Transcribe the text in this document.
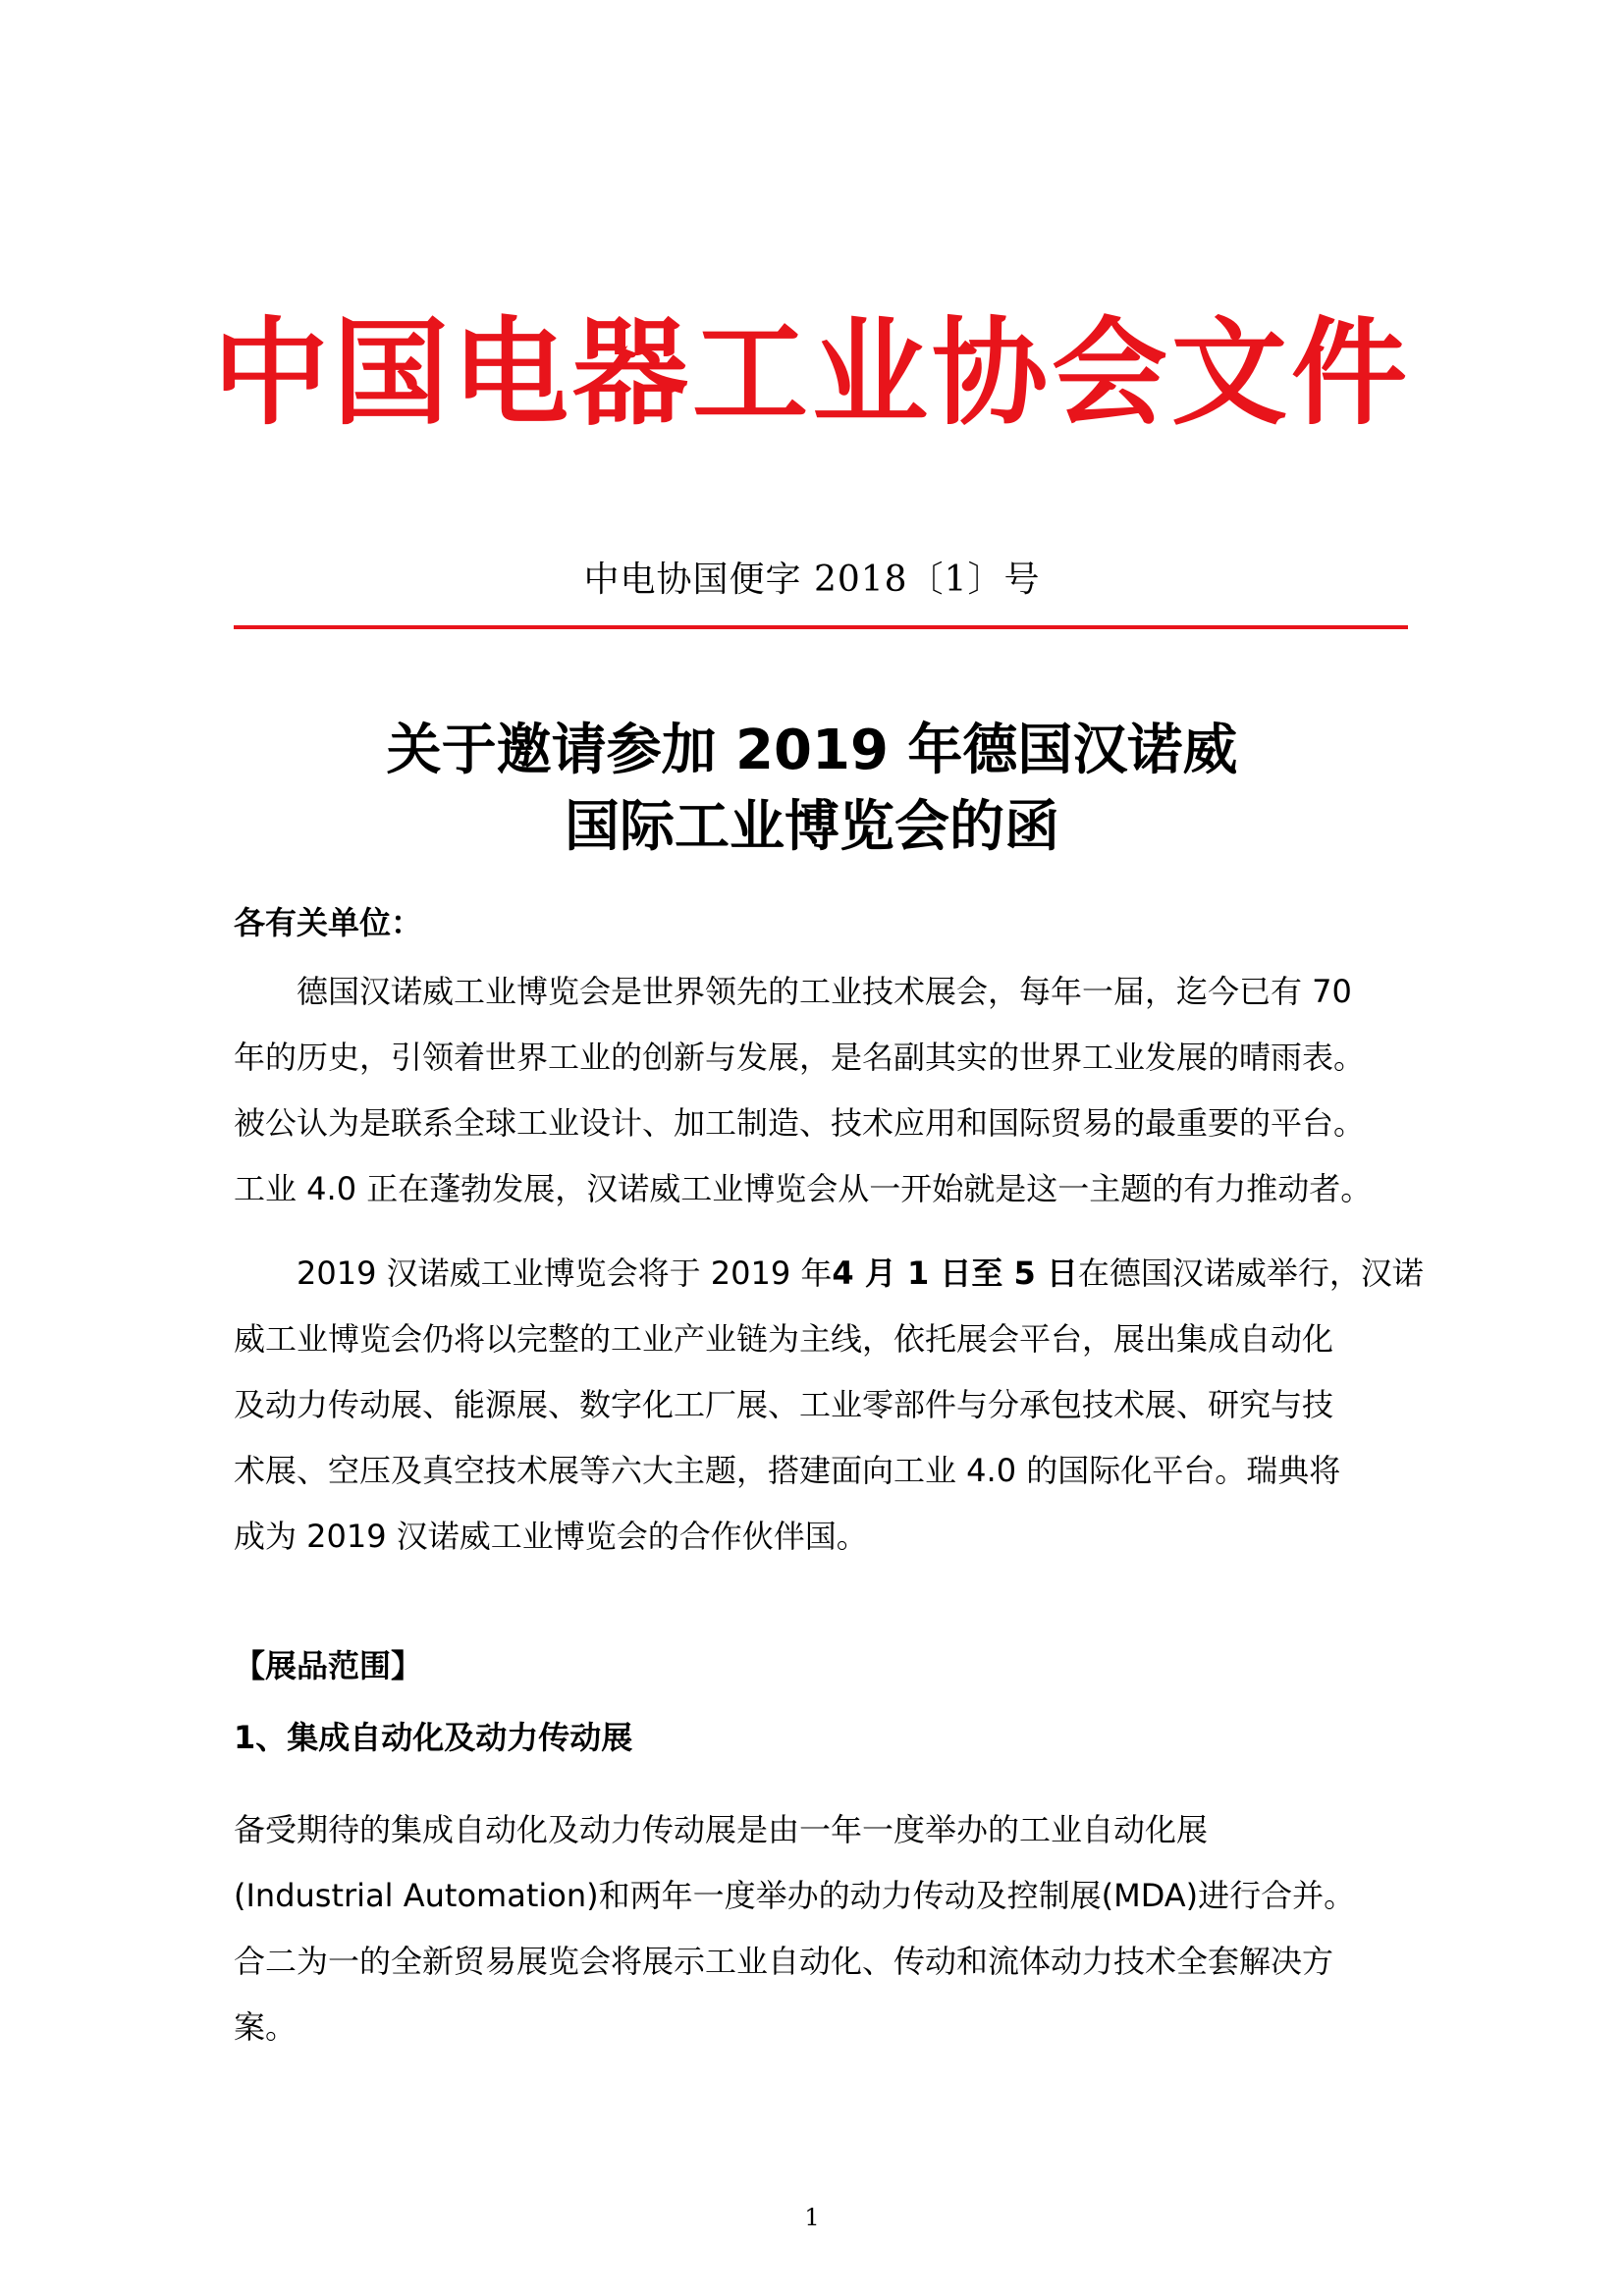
中国电器工业协会文件
中电协国便字 2018〔1〕号
关于邀请参加 2019 年德国汉诺威
国际工业博览会的函
各有关单位：
德国汉诺威工业博览会是世界领先的工业技术展会，每年一届，迄今已有 70
年的历史，引领着世界工业的创新与发展，是名副其实的世界工业发展的晴雨表。
被公认为是联系全球工业设计、加工制造、技术应用和国际贸易的最重要的平台。
工业 4.0 正在蓬勃发展，汉诺威工业博览会从一开始就是这一主题的有力推动者。
2019 汉诺威工业博览会将于 2019 年4 月 1 日至 5 日在德国汉诺威举行，汉诺
威工业博览会仍将以完整的工业产业链为主线，依托展会平台，展出集成自动化
及动力传动展、能源展、数字化工厂展、工业零部件与分承包技术展、研究与技
术展、空压及真空技术展等六大主题，搭建面向工业 4.0 的国际化平台。瑞典将
成为 2019 汉诺威工业博览会的合作伙伴国。
【展品范围】
1、集成自动化及动力传动展
备受期待的集成自动化及动力传动展是由一年一度举办的工业自动化展
(Industrial Automation)和两年一度举办的动力传动及控制展(MDA)进行合并。
合二为一的全新贸易展览会将展示工业自动化、传动和流体动力技术全套解决方
案。
1
